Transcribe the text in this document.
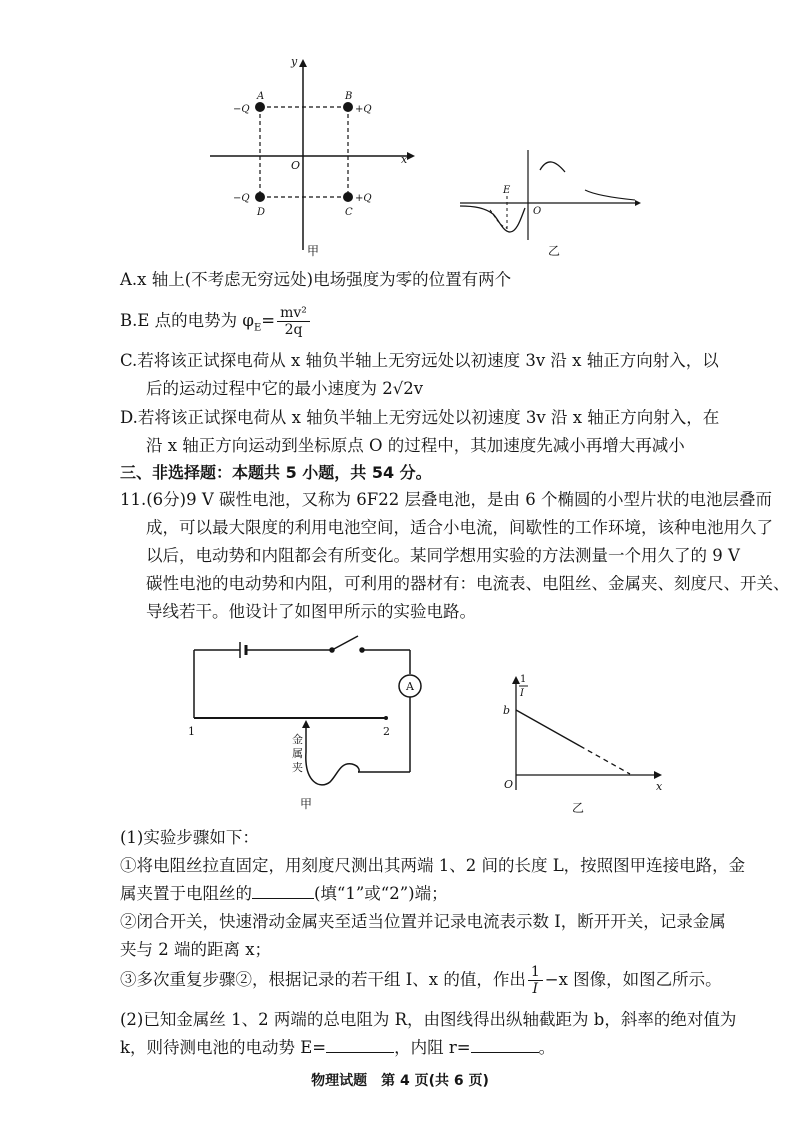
y
x
O
A
−Q
B
+Q
C
+Q
D
−Q
甲
E
O
乙
A.x 轴上(不考虑无穷远处)电场强度为零的位置有两个
B.E 点的电势为 $\varphi_E= \frac{\text{mv²}}{2q}$
C.若将该正试探电荷从 x 轴负半轴上无穷远处以初速度 3v 沿 x 轴正方向射入，以
后的运动过程中它的最小速度为 2√2v
D.若将该正试探电荷从 x 轴负半轴上无穷远处以初速度 3v 沿 x 轴正方向射入，在
沿 x 轴正方向运动到坐标原点 O 的过程中，其加速度先减小再增大再减小
三、非选择题：本题共 5 小题，共 54 分。
11.(6分)9 V 碳性电池，又称为 6F22 层叠电池，是由 6 个椭圆的小型片状的电池层叠而
成，可以最大限度的利用电池空间，适合小电流，间歇性的工作环境，该种电池用久了
以后，电动势和内阻都会有所变化。某同学想用实验的方法测量一个用久了的 9 V
碳性电池的电动势和内阻，可利用的器材有：电流表、电阻丝、金属夹、刻度尺、开关、
导线若干。他设计了如图甲所示的实验电路。
A
1	2
金
属
夹
甲
1
I
b
O	x
乙
(1)实验步骤如下：
①将电阻丝拉直固定，用刻度尺测出其两端 1、2 间的长度 L，按照图甲连接电路，金
属夹置于电阻丝的	(填“1”或“2”)端；
②闭合开关，快速滑动金属夹至适当位置并记录电流表示数 I，断开开关，记录金属
夹与 2 端的距离 x；
③多次重复步骤②，根据记录的若干组 I、x 的值，作出 $\frac{1}{I} -x$ 图像，如图乙所示。
(2)已知金属丝 1、2 两端的总电阻为 R，由图线得出纵轴截距为 b，斜率的绝对值为
k，则待测电池的电动势 E=	，内阻 r=	。
物理试题　第 4 页(共 6 页)
